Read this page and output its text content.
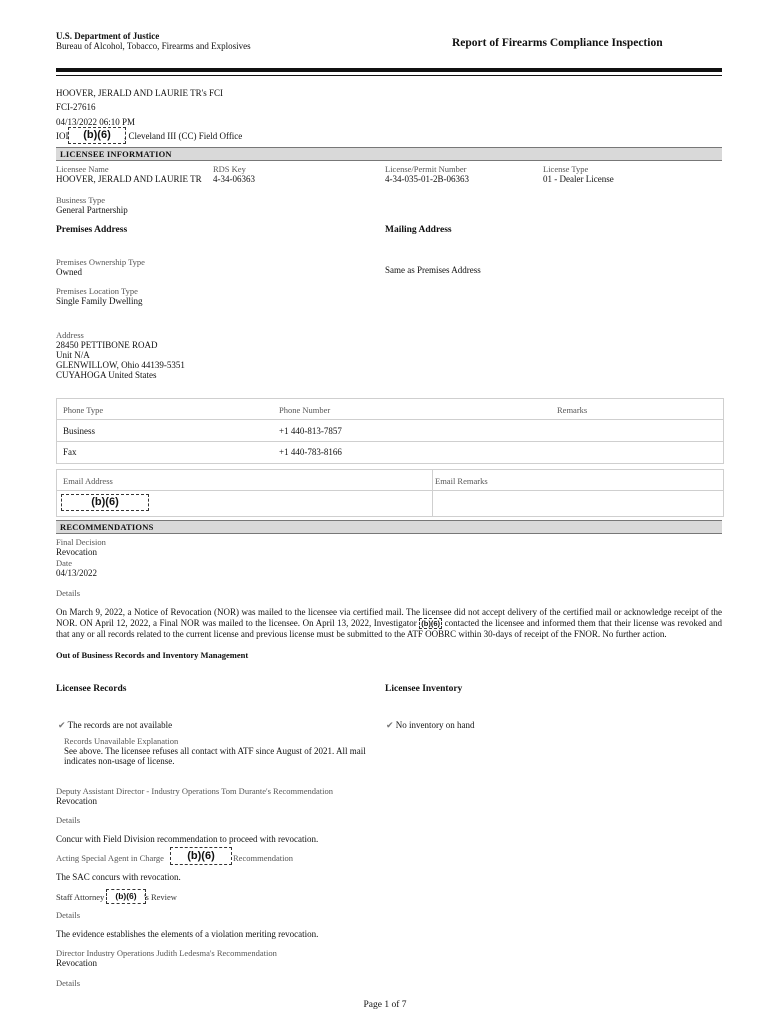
U.S. Department of Justice
Bureau of Alcohol, Tobacco, Firearms and Explosives	Report of Firearms Compliance Inspection
HOOVER, JERALD AND LAURIE TR's FCI
FCI-27616
04/13/2022 06:10 PM
IOI	(b)(6)	, Cleveland III (CC) Field Office
LICENSEE INFORMATION
Licensee Name
HOOVER, JERALD AND LAURIE TR
RDS Key
4-34-06363
License/Permit Number
4-34-035-01-2B-06363
License Type
01 - Dealer License
Business Type
General Partnership
Premises Address	Mailing Address
Premises Ownership Type
Owned	Same as Premises Address
Premises Location Type
Single Family Dwelling
Address
28450 PETTIBONE ROAD
Unit N/A
GLENWILLOW, Ohio 44139-5351
CUYAHOGA United States
Phone Type	Phone Number	Remarks
Business	+1 440-813-7857
Fax	+1 440-783-8166
Email Address	Email Remarks
(b)(6)
RECOMMENDATIONS
Final Decision
Revocation
Date
04/13/2022
Details
On March 9, 2022, a Notice of Revocation (NOR) was mailed to the licensee via certified mail. The licensee did not accept delivery of the certified mail or acknowledge receipt of the NOR. ON April 12, 2022, a Final NOR was mailed to the licensee. On April 13, 2022, Investigator (b)(6) contacted the licensee and informed them that their license was revoked and that any or all records related to the current license and previous license must be submitted to the ATF OOBRC within 30-days of receipt of the FNOR. No further action.
Out of Business Records and Inventory Management
Licensee Records	Licensee Inventory
✔ The records are not available	✔ No inventory on hand
Records Unavailable Explanation
See above. The licensee refuses all contact with ATF since August of 2021. All mail
indicates non-usage of license.
Deputy Assistant Director - Industry Operations Tom Durante's Recommendation
Revocation
Details
Concur with Field Division recommendation to proceed with revocation.
Acting Special Agent in Charge	(b)(6)	Recommendation
The SAC concurs with revocation.
Staff Attorney	(b)(6) 's Review
Details
The evidence establishes the elements of a violation meriting revocation.
Director Industry Operations Judith Ledesma's Recommendation
Revocation
Details
Page 1 of 7
